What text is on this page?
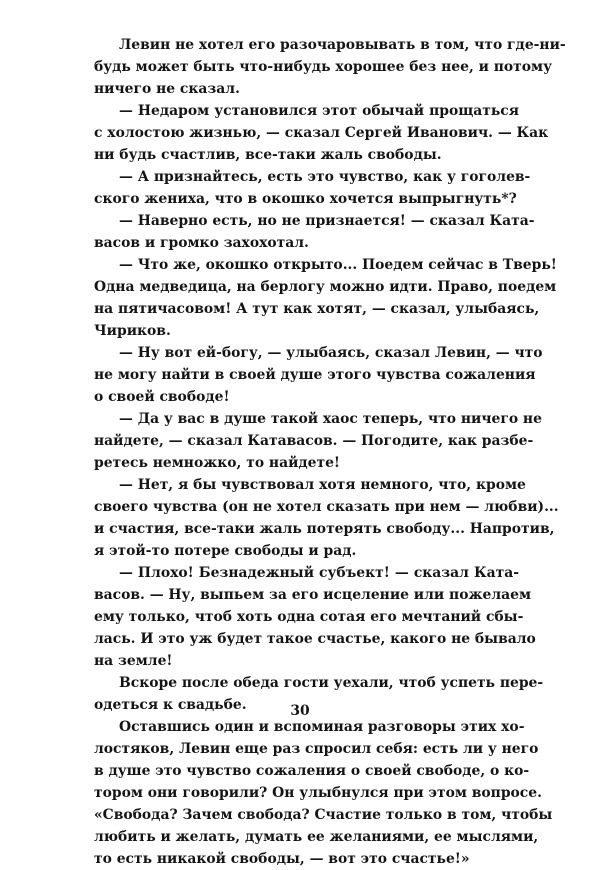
Левин не хотел его разочаровывать в том, что где-ни-
будь может быть что-нибудь хорошее без нее, и потому
ничего не сказал.

— Недаром установился этот обычай прощаться
с холостою жизнью, — сказал Сергей Иванович. — Как
ни будь счастлив, все-таки жаль свободы.

— А признайтесь, есть это чувство, как у гоголев-
ского жениха, что в окошко хочется выпрыгнуть*?

— Наверно есть, но не признается! — сказал Ката-
васов и громко захохотал.

— Что же, окошко открыто... Поедем сейчас в Тверь!
Одна медведица, на берлогу можно идти. Право, поедем
на пятичасовом! А тут как хотят, — сказал, улыбаясь,
Чириков.

— Ну вот ей-богу, — улыбаясь, сказал Левин, — что
не могу найти в своей душе этого чувства сожаления
о своей свободе!

— Да у вас в душе такой хаос теперь, что ничего не
найдете, — сказал Катавасов. — Погодите, как разбе-
ретесь немножко, то найдете!

— Нет, я бы чувствовал хотя немного, что, кроме
своего чувства (он не хотел сказать при нем — любви)...
и счастия, все-таки жаль потерять свободу... Напротив,
я этой-то потере свободы и рад.

— Плохо! Безнадежный субъект! — сказал Ката-
васов. — Ну, выпьем за его исцеление или пожелаем
ему только, чтоб хоть одна сотая его мечтаний сбы-
лась. И это уж будет такое счастье, какого не бывало
на земле!

Вскоре после обеда гости уехали, чтоб успеть пере-
одеться к свадьбе.

Оставшись один и вспоминая разговоры этих хо-
лостяков, Левин еще раз спросил себя: есть ли у него
в душе это чувство сожаления о своей свободе, о ко-
тором они говорили? Он улыбнулся при этом вопросе.
«Свобода? Зачем свобода? Счастие только в том, чтобы
любить и желать, думать ее желаниями, ее мыслями,
то есть никакой свободы, — вот это счастье!»

30
